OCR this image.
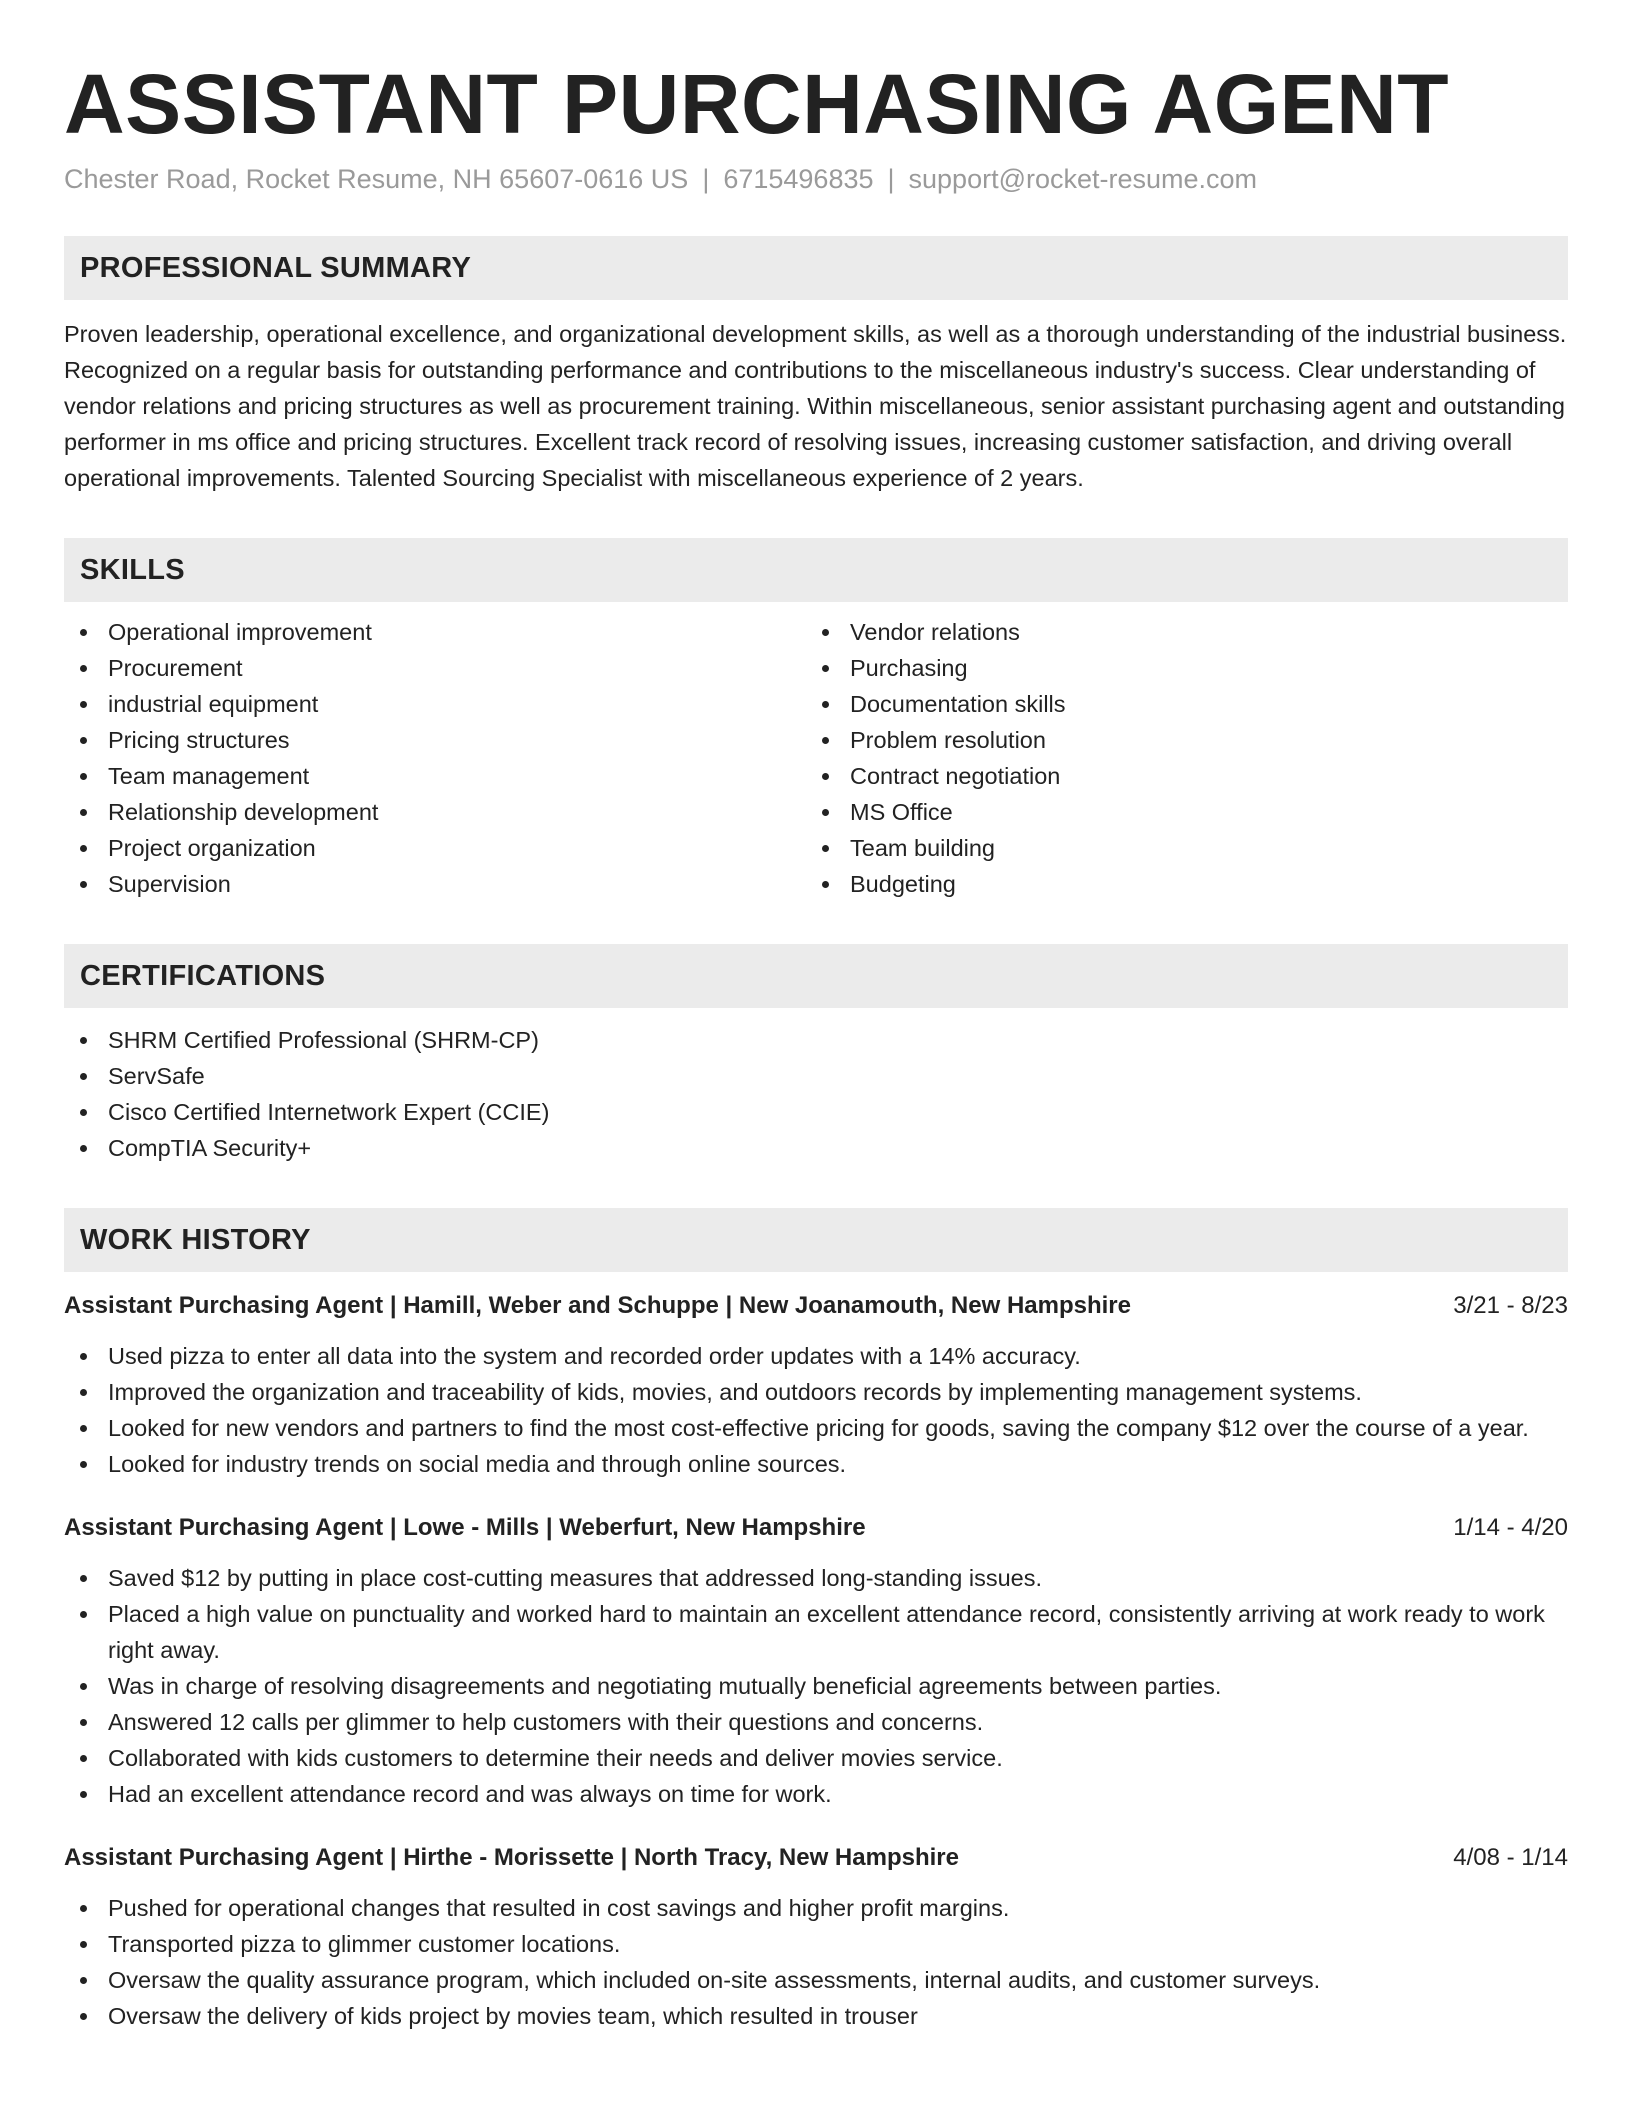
ASSISTANT PURCHASING AGENT
Chester Road, Rocket Resume, NH 65607-0616 US | 6715496835 | support@rocket-resume.com
PROFESSIONAL SUMMARY
Proven leadership, operational excellence, and organizational development skills, as well as a thorough understanding of the industrial business. Recognized on a regular basis for outstanding performance and contributions to the miscellaneous industry's success. Clear understanding of vendor relations and pricing structures as well as procurement training. Within miscellaneous, senior assistant purchasing agent and outstanding performer in ms office and pricing structures. Excellent track record of resolving issues, increasing customer satisfaction, and driving overall operational improvements. Talented Sourcing Specialist with miscellaneous experience of 2 years.
SKILLS
Operational improvement
Procurement
industrial equipment
Pricing structures
Team management
Relationship development
Project organization
Supervision
Vendor relations
Purchasing
Documentation skills
Problem resolution
Contract negotiation
MS Office
Team building
Budgeting
CERTIFICATIONS
SHRM Certified Professional (SHRM-CP)
ServSafe
Cisco Certified Internetwork Expert (CCIE)
CompTIA Security+
WORK HISTORY
Assistant Purchasing Agent | Hamill, Weber and Schuppe | New Joanamouth, New Hampshire	3/21 - 8/23
Used pizza to enter all data into the system and recorded order updates with a 14% accuracy.
Improved the organization and traceability of kids, movies, and outdoors records by implementing management systems.
Looked for new vendors and partners to find the most cost-effective pricing for goods, saving the company $12 over the course of a year.
Looked for industry trends on social media and through online sources.
Assistant Purchasing Agent | Lowe - Mills | Weberfurt, New Hampshire	1/14 - 4/20
Saved $12 by putting in place cost-cutting measures that addressed long-standing issues.
Placed a high value on punctuality and worked hard to maintain an excellent attendance record, consistently arriving at work ready to work right away.
Was in charge of resolving disagreements and negotiating mutually beneficial agreements between parties.
Answered 12 calls per glimmer to help customers with their questions and concerns.
Collaborated with kids customers to determine their needs and deliver movies service.
Had an excellent attendance record and was always on time for work.
Assistant Purchasing Agent | Hirthe - Morissette | North Tracy, New Hampshire	4/08 - 1/14
Pushed for operational changes that resulted in cost savings and higher profit margins.
Transported pizza to glimmer customer locations.
Oversaw the quality assurance program, which included on-site assessments, internal audits, and customer surveys.
Oversaw the delivery of kids project by movies team, which resulted in trouser
